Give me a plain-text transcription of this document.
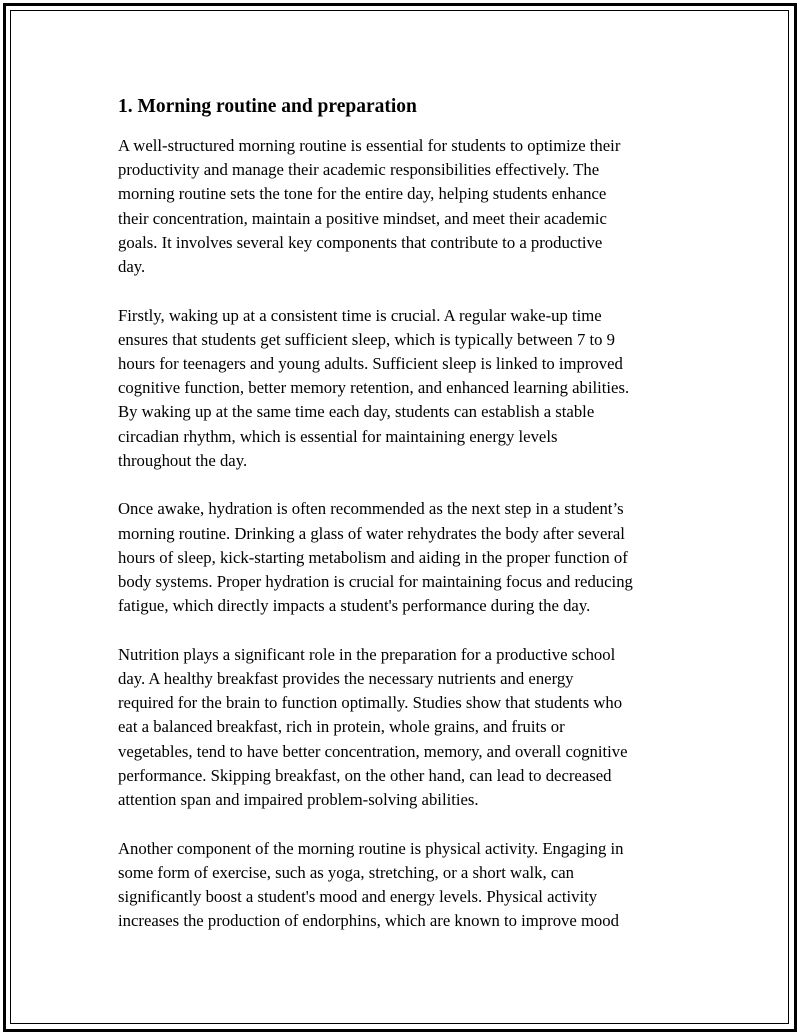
1. Morning routine and preparation

A well-structured morning routine is essential for students to optimize their
productivity and manage their academic responsibilities effectively. The
morning routine sets the tone for the entire day, helping students enhance
their concentration, maintain a positive mindset, and meet their academic
goals. It involves several key components that contribute to a productive
day.

Firstly, waking up at a consistent time is crucial. A regular wake-up time
ensures that students get sufficient sleep, which is typically between 7 to 9
hours for teenagers and young adults. Sufficient sleep is linked to improved
cognitive function, better memory retention, and enhanced learning abilities.
By waking up at the same time each day, students can establish a stable
circadian rhythm, which is essential for maintaining energy levels
throughout the day.

Once awake, hydration is often recommended as the next step in a student’s
morning routine. Drinking a glass of water rehydrates the body after several
hours of sleep, kick-starting metabolism and aiding in the proper function of
body systems. Proper hydration is crucial for maintaining focus and reducing
fatigue, which directly impacts a student's performance during the day.

Nutrition plays a significant role in the preparation for a productive school
day. A healthy breakfast provides the necessary nutrients and energy
required for the brain to function optimally. Studies show that students who
eat a balanced breakfast, rich in protein, whole grains, and fruits or
vegetables, tend to have better concentration, memory, and overall cognitive
performance. Skipping breakfast, on the other hand, can lead to decreased
attention span and impaired problem-solving abilities.

Another component of the morning routine is physical activity. Engaging in
some form of exercise, such as yoga, stretching, or a short walk, can
significantly boost a student's mood and energy levels. Physical activity
increases the production of endorphins, which are known to improve mood
